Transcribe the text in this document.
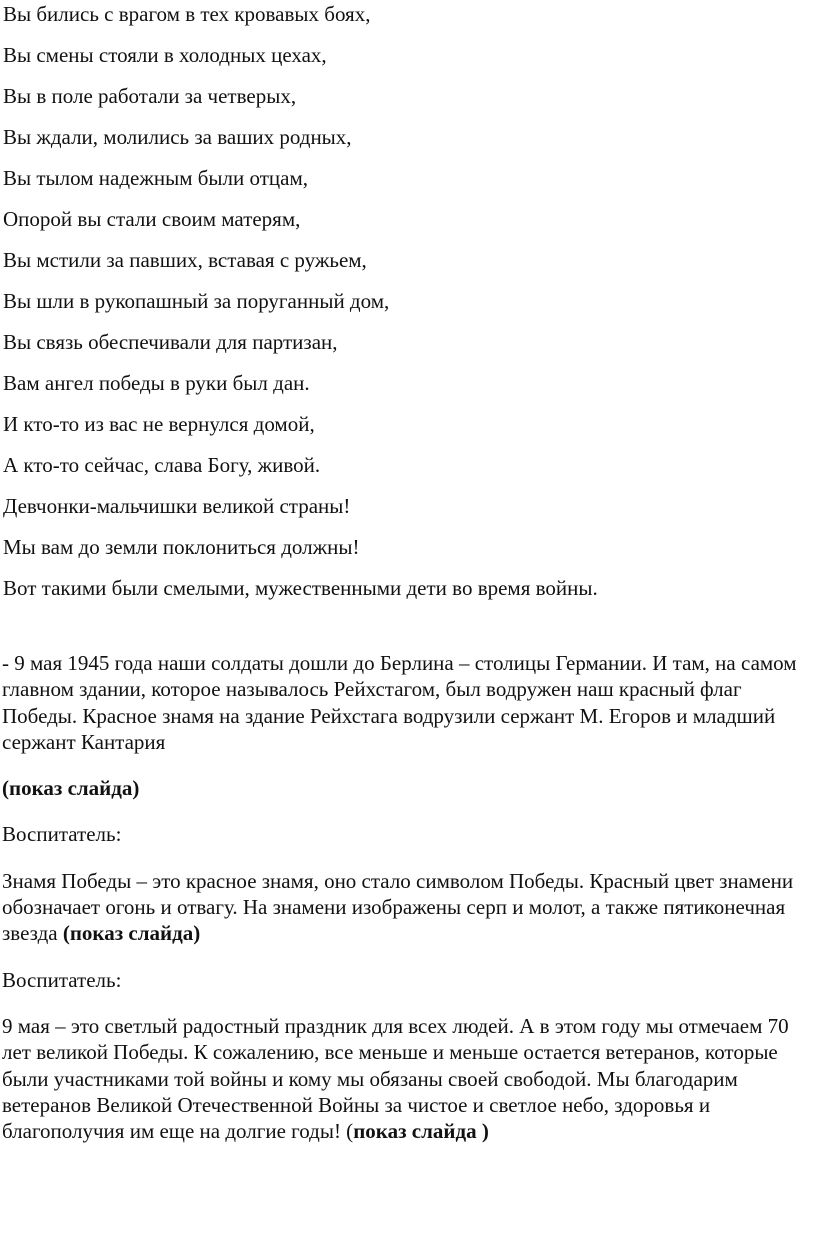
Вы бились с врагом в тех кровавых боях,
Вы смены стояли в холодных цехах,
Вы в поле работали за четверых,
Вы ждали, молились за ваших родных,
Вы тылом надежным были отцам,
Опорой вы стали своим матерям,
Вы мстили за павших, вставая с ружьем,
Вы шли в рукопашный за поруганный дом,
Вы связь обеспечивали для партизан,
Вам ангел победы в руки был дан.
И кто-то из вас не вернулся домой,
А кто-то сейчас, слава Богу, живой.
Девчонки-мальчишки великой страны!
Мы вам до земли поклониться должны!
Вот такими были смелыми, мужественными дети во время войны.

- 9 мая 1945 года наши солдаты дошли до Берлина – столицы Германии. И там, на самом главном здании, которое называлось Рейхстагом, был водружен наш красный флаг Победы. Красное знамя на здание Рейхстага водрузили сержант М. Егоров и младший сержант Кантария

(показ слайда)

Воспитатель:

Знамя Победы – это красное знамя, оно стало символом Победы. Красный цвет знамени обозначает огонь и отвагу. На знамени изображены серп и молот, а также пятиконечная звезда (показ слайда)

Воспитатель:

9 мая – это светлый радостный праздник для всех людей. А в этом году мы отмечаем 70 лет великой Победы. К сожалению, все меньше и меньше остается ветеранов, которые были участниками той войны и кому мы обязаны своей свободой. Мы благодарим ветеранов Великой Отечественной Войны за чистое и светлое небо, здоровья и благополучия им еще на долгие годы! (показ слайда )
